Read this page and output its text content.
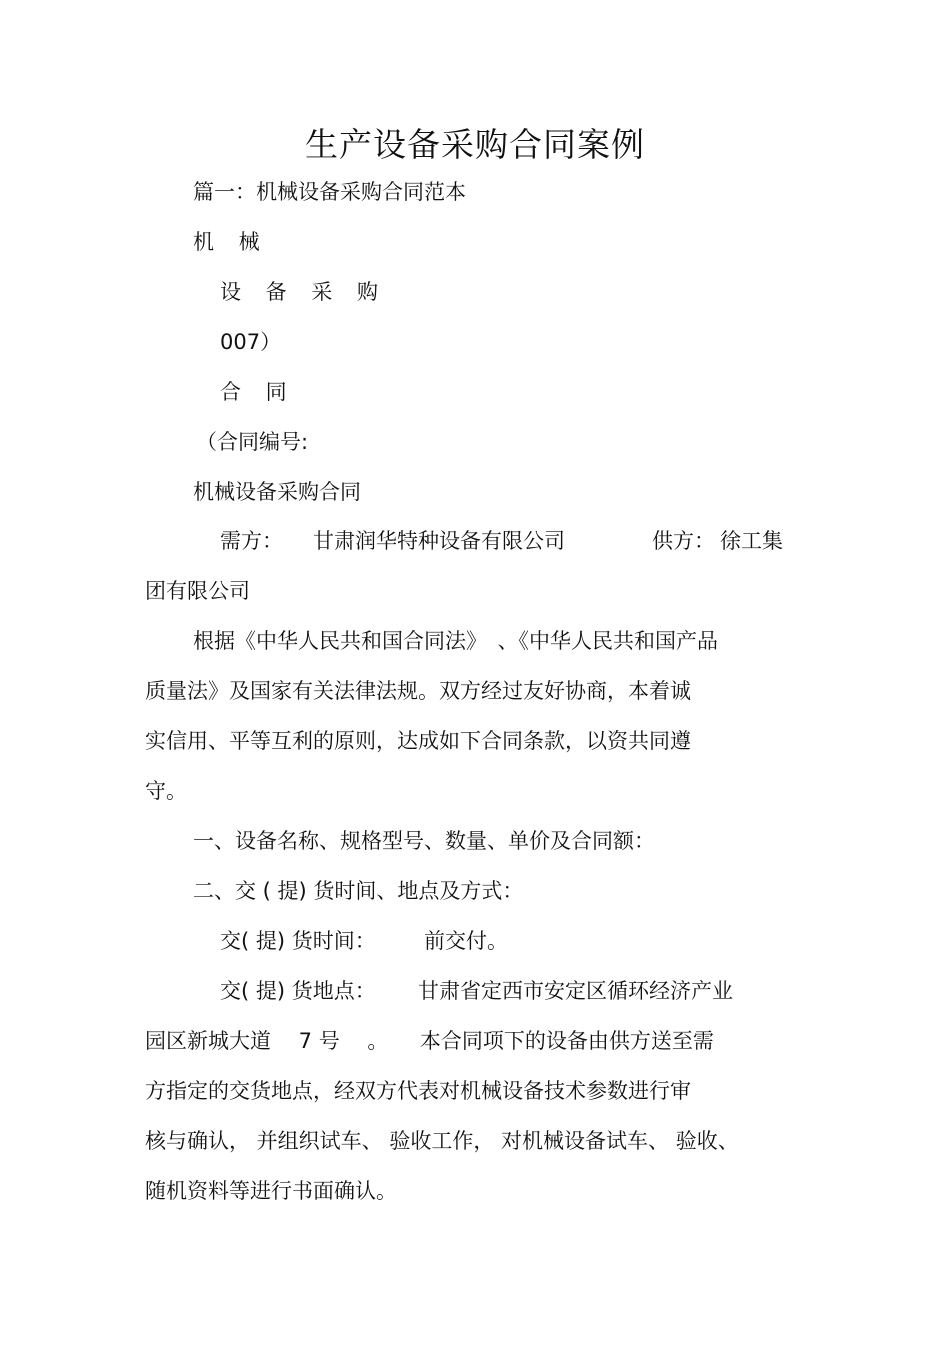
生产设备采购合同案例
篇一：机械设备采购合同范本
机 械
设 备 采 购
007）
合 同
（合同编号:
机械设备采购合同
需方： 甘肃润华特种设备有限公司	供方： 徐工集
团有限公司
根据《中华人民共和国合同法》　、《中华人民共和国产品
质量法》及国家有关法律法规。双方经过友好协商，本着诚
实信用、平等互利的原则，达成如下合同条款，以资共同遵
守。
一、设备名称、规格型号、数量、单价及合同额：
二、交 ( 提) 货时间、地点及方式：
交( 提) 货时间： 前交付。
交( 提) 货地点： 甘肃省定西市安定区循环经济产业
园区新城大道　 7 号　 。　　本合同项下的设备由供方送至需
方指定的交货地点，经双方代表对机械设备技术参数进行审
核与确认， 并组织试车、 验收工作， 对机械设备试车、 验收、
随机资料等进行书面确认。
